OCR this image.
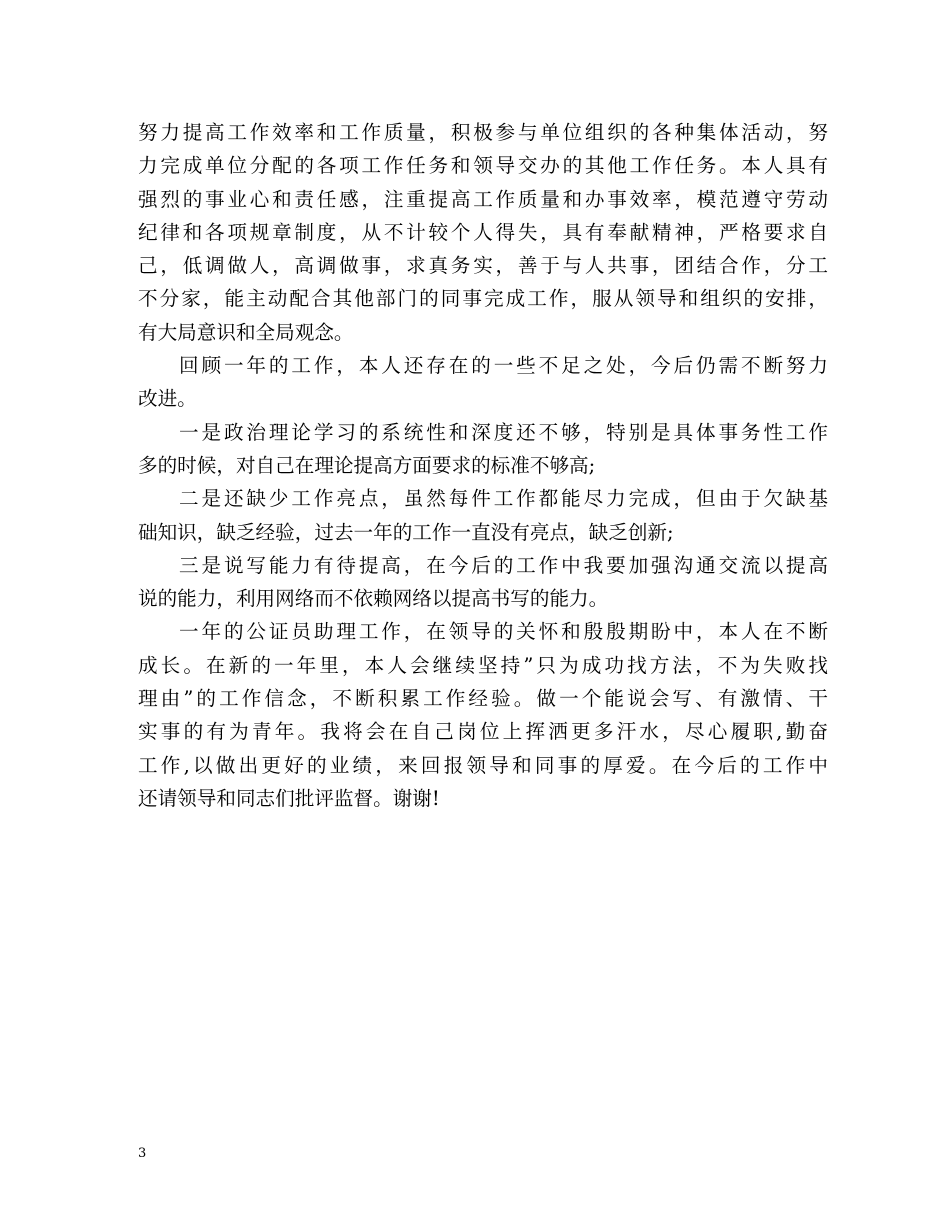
努力提高工作效率和工作质量，积极参与单位组织的各种集体活动，努
力完成单位分配的各项工作任务和领导交办的其他工作任务。本人具有
强烈的事业心和责任感，注重提高工作质量和办事效率，模范遵守劳动
纪律和各项规章制度，从不计较个人得失，具有奉献精神，严格要求自
己，低调做人，高调做事，求真务实，善于与人共事，团结合作，分工
不分家，能主动配合其他部门的同事完成工作，服从领导和组织的安排，
有大局意识和全局观念。
回顾一年的工作，本人还存在的一些不足之处，今后仍需不断努力
改进。
一是政治理论学习的系统性和深度还不够，特别是具体事务性工作
多的时候，对自己在理论提高方面要求的标准不够高;
二是还缺少工作亮点，虽然每件工作都能尽力完成，但由于欠缺基
础知识，缺乏经验，过去一年的工作一直没有亮点，缺乏创新;
三是说写能力有待提高，在今后的工作中我要加强沟通交流以提高
说的能力，利用网络而不依赖网络以提高书写的能力。
一年的公证员助理工作，在领导的关怀和殷殷期盼中，本人在不断
成长。在新的一年里，本人会继续坚持”只为成功找方法，不为失败找
理由”的工作信念，不断积累工作经验。做一个能说会写、有激情、干
实事的有为青年。我将会在自己岗位上挥洒更多汗水，尽心履职,勤奋
工作,以做出更好的业绩，来回报领导和同事的厚爱。在今后的工作中
还请领导和同志们批评监督。谢谢!
3
